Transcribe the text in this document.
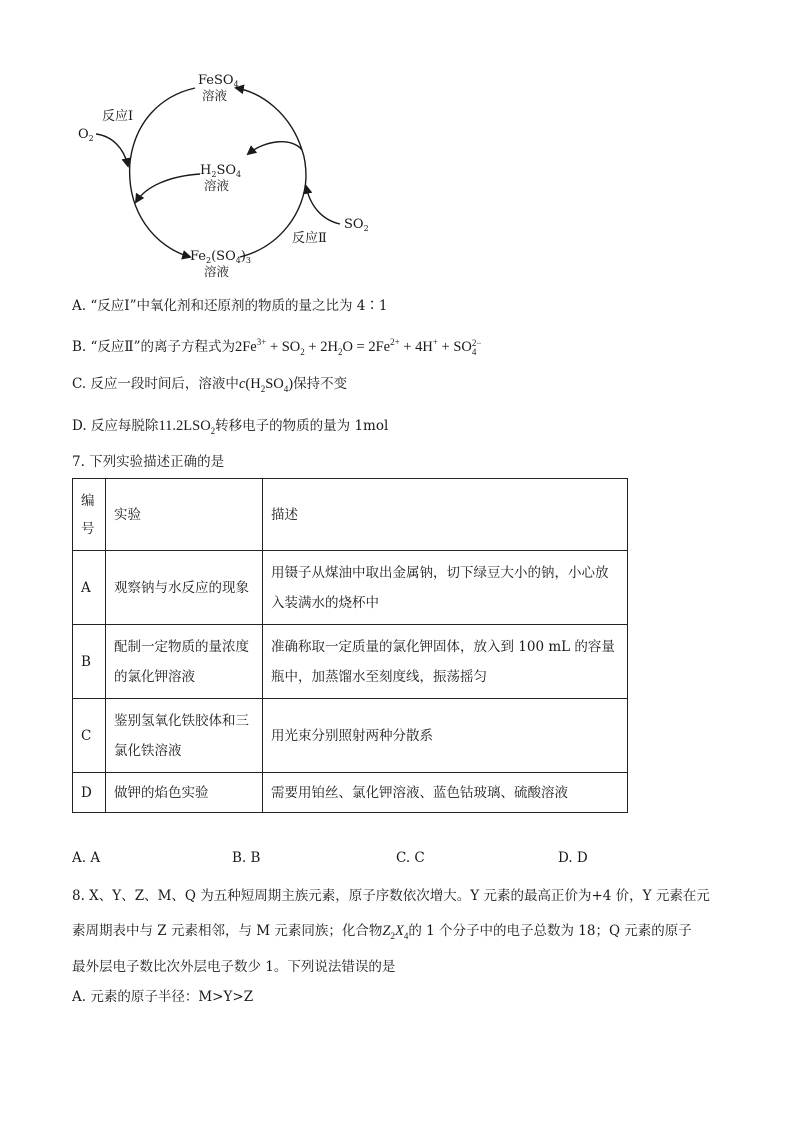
FeSO$_4$
溶液
$H_2SO_4$
溶液
$Fe_2(SO_4)_3$
溶液
反应Ⅰ
反应Ⅱ
$O_2$
$SO_2$
A. “反应Ⅰ”中氧化剂和还原剂的物质的量之比为 4∶1
B. “反应Ⅱ”的离子方程式为$2Fe^{3+} + SO_2 + 2H_2O = 2Fe^{2+} + 4H^+$ + SO 2−
4
C. 反应一段时间后，溶液中$c(H_2SO_4)$保持不变
D. 反应每脱除$11.2LSO_2$转移电子的物质的量为 1mol
7. 下列实验描述正确的是
编号	实验	描述
A	观察钠与水反应的现象	用镊子从煤油中取出金属钠，切下绿豆大小的钠，小心放入装满水的烧杯中
B	配制一定物质的量浓度的氯化钾溶液	准确称取一定质量的氯化钾固体，放入到 100 mL 的容量瓶中，加蒸馏水至刻度线，振荡摇匀
C	鉴别氢氧化铁胶体和三氯化铁溶液	用光束分别照射两种分散系
D	做钾的焰色实验	需要用铂丝、氯化钾溶液、蓝色钴玻璃、硫酸溶液
A. A	B. B	C. C	D. D
8. X、Y、Z、M、Q 为五种短周期主族元素，原子序数依次增大。Y 元素的最高正价为+4 价，Y 元素在元
素周期表中与 Z 元素相邻，与 M 元素同族；化合物$Z_2X_4$的 1 个分子中的电子总数为 18；Q 元素的原子
最外层电子数比次外层电子数少 1。下列说法错误的是
A. 元素的原子半径：M>Y>Z
